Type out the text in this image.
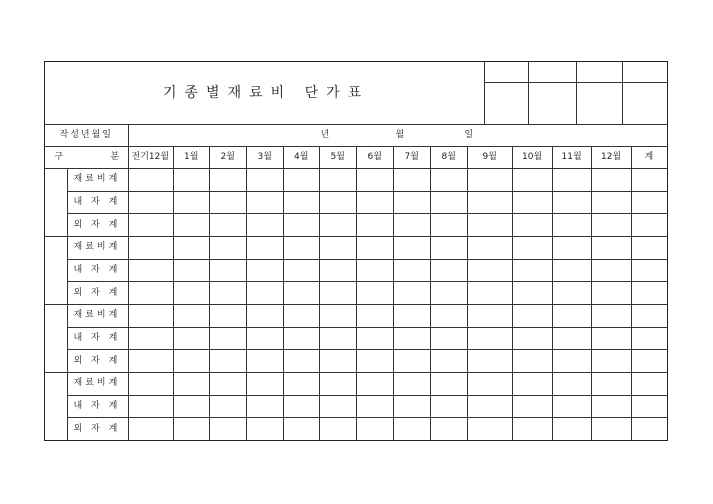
기종별재료비 단가표
작성년월일	년	월	일
구	분 전기12월 1월 2월	3월 4월 5월	6월	7월	8월	9월	10월 11월 12월	계
재료비계
내 자 계
외 자 계
재료비계
내 자 계
외 자 계
재료비계
내 자 계
외 자 계
재료비계
내 자 계
외 자 계
